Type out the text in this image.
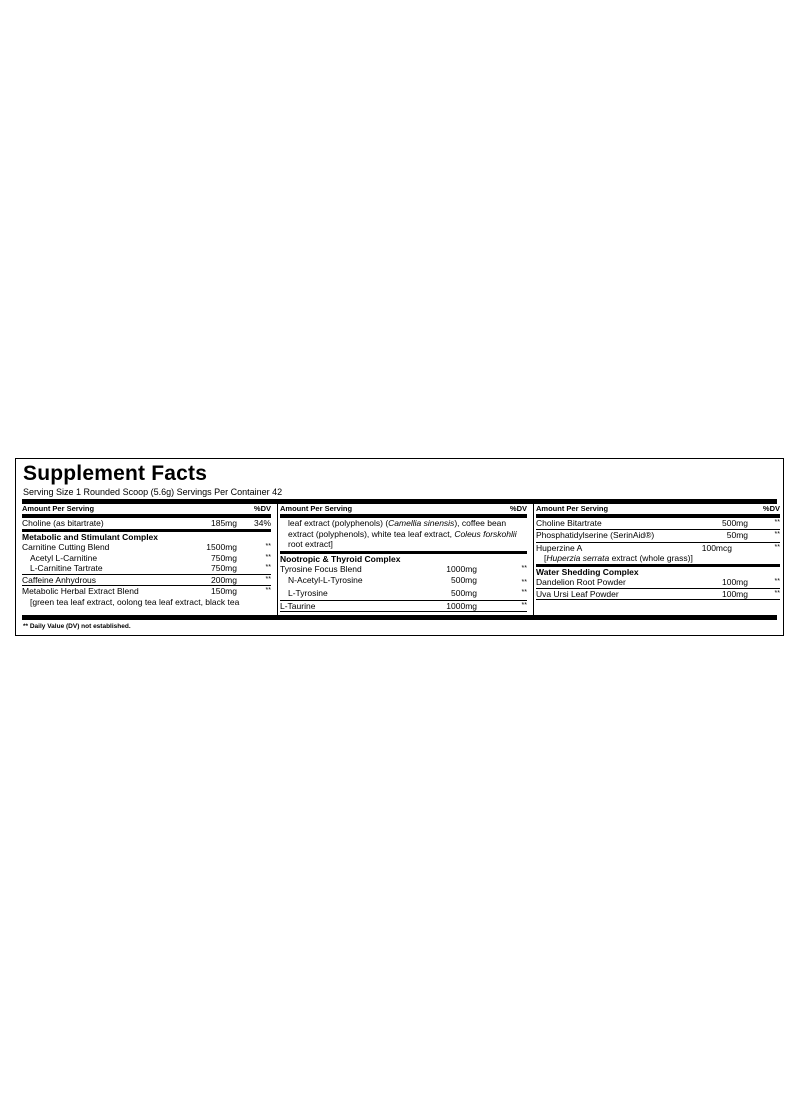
Supplement Facts
Serving Size 1 Rounded Scoop (5.6g) Servings Per Container 42
Amount Per Serving	%DV
Choline (as bitartrate)	185mg 34%
Metabolic and Stimulant Complex
Carnitine Cutting Blend	1500mg	**
Acetyl L-Carnitine	750mg	**
L-Carnitine Tartrate	750mg	**
Caffeine Anhydrous	200mg	**
Metabolic Herbal Extract Blend	150mg	**
[green tea leaf extract, oolong tea leaf extract, black tea
Amount Per Serving	%DV
leaf extract (polyphenols) (Camellia sinensis), coffee bean extract (polyphenols), white tea leaf extract, Coleus forskohlii root extract]
Nootropic & Thyroid Complex
Tyrosine Focus Blend	1000mg	**
N-Acetyl-L-Tyrosine	500mg	**
L-Tyrosine	500mg	**
L-Taurine	1000mg	**
Amount Per Serving	%DV
Choline Bitartrate	500mg	**
Phosphatidylserine (SerinAid®)	50mg	**
Huperzine A	100mcg	**
[Huperzia serrata extract (whole grass)]
Water Shedding Complex
Dandelion Root Powder	100mg	**
Uva Ursi Leaf Powder	100mg	**
** Daily Value (DV) not established.
